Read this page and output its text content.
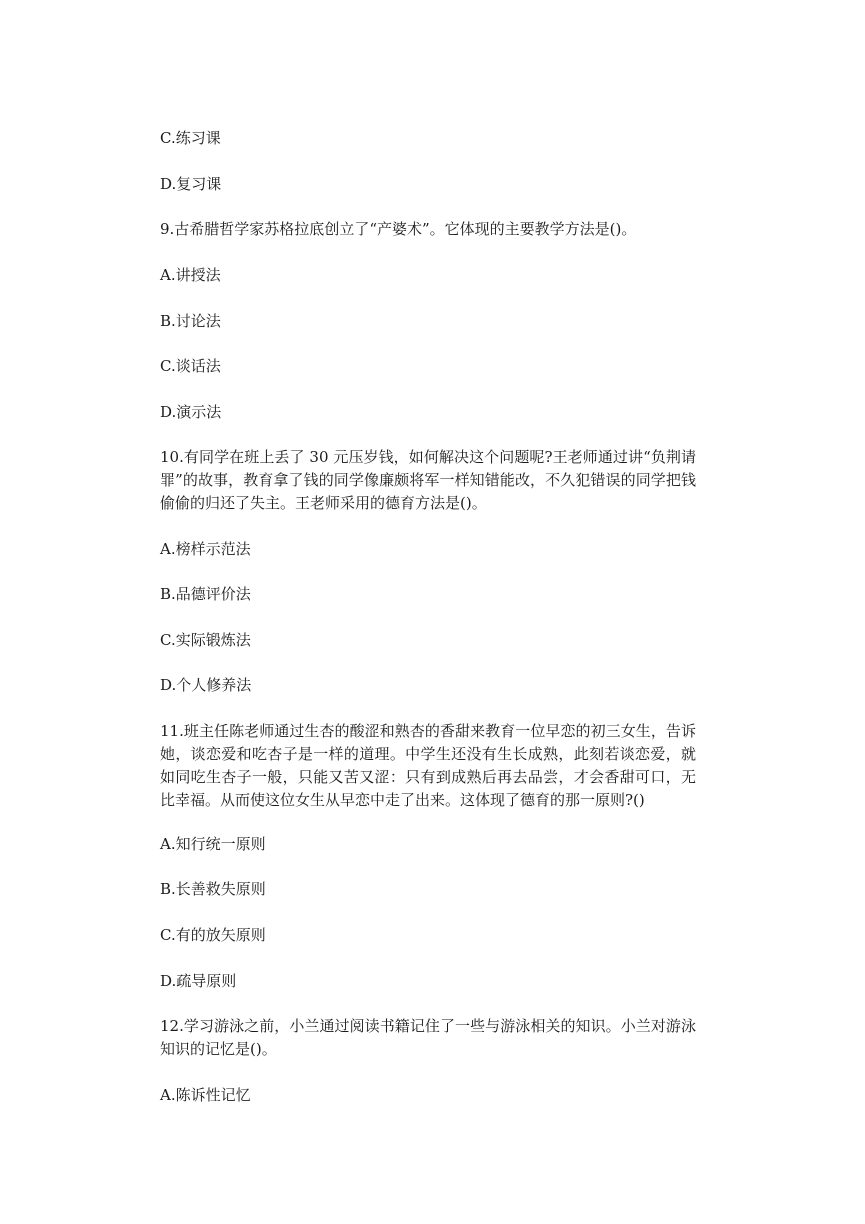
C.练习课
D.复习课
9.古希腊哲学家苏格拉底创立了“产婆术”。它体现的主要教学方法是()。
A.讲授法
B.讨论法
C.谈话法
D.演示法
10.有同学在班上丢了 30 元压岁钱，如何解决这个问题呢?王老师通过讲“负荆请罪”的故事，教育拿了钱的同学像廉颇将军一样知错能改，不久犯错误的同学把钱偷偷的归还了失主。王老师采用的德育方法是()。
A.榜样示范法
B.品德评价法
C.实际锻炼法
D.个人修养法
11.班主任陈老师通过生杏的酸涩和熟杏的香甜来教育一位早恋的初三女生，告诉她，谈恋爱和吃杏子是一样的道理。中学生还没有生长成熟，此刻若谈恋爱，就如同吃生杏子一般，只能又苦又涩：只有到成熟后再去品尝，才会香甜可口，无比幸福。从而使这位女生从早恋中走了出来。这体现了德育的那一原则?()
A.知行统一原则
B.长善救失原则
C.有的放矢原则
D.疏导原则
12.学习游泳之前，小兰通过阅读书籍记住了一些与游泳相关的知识。小兰对游泳知识的记忆是()。
A.陈诉性记忆
